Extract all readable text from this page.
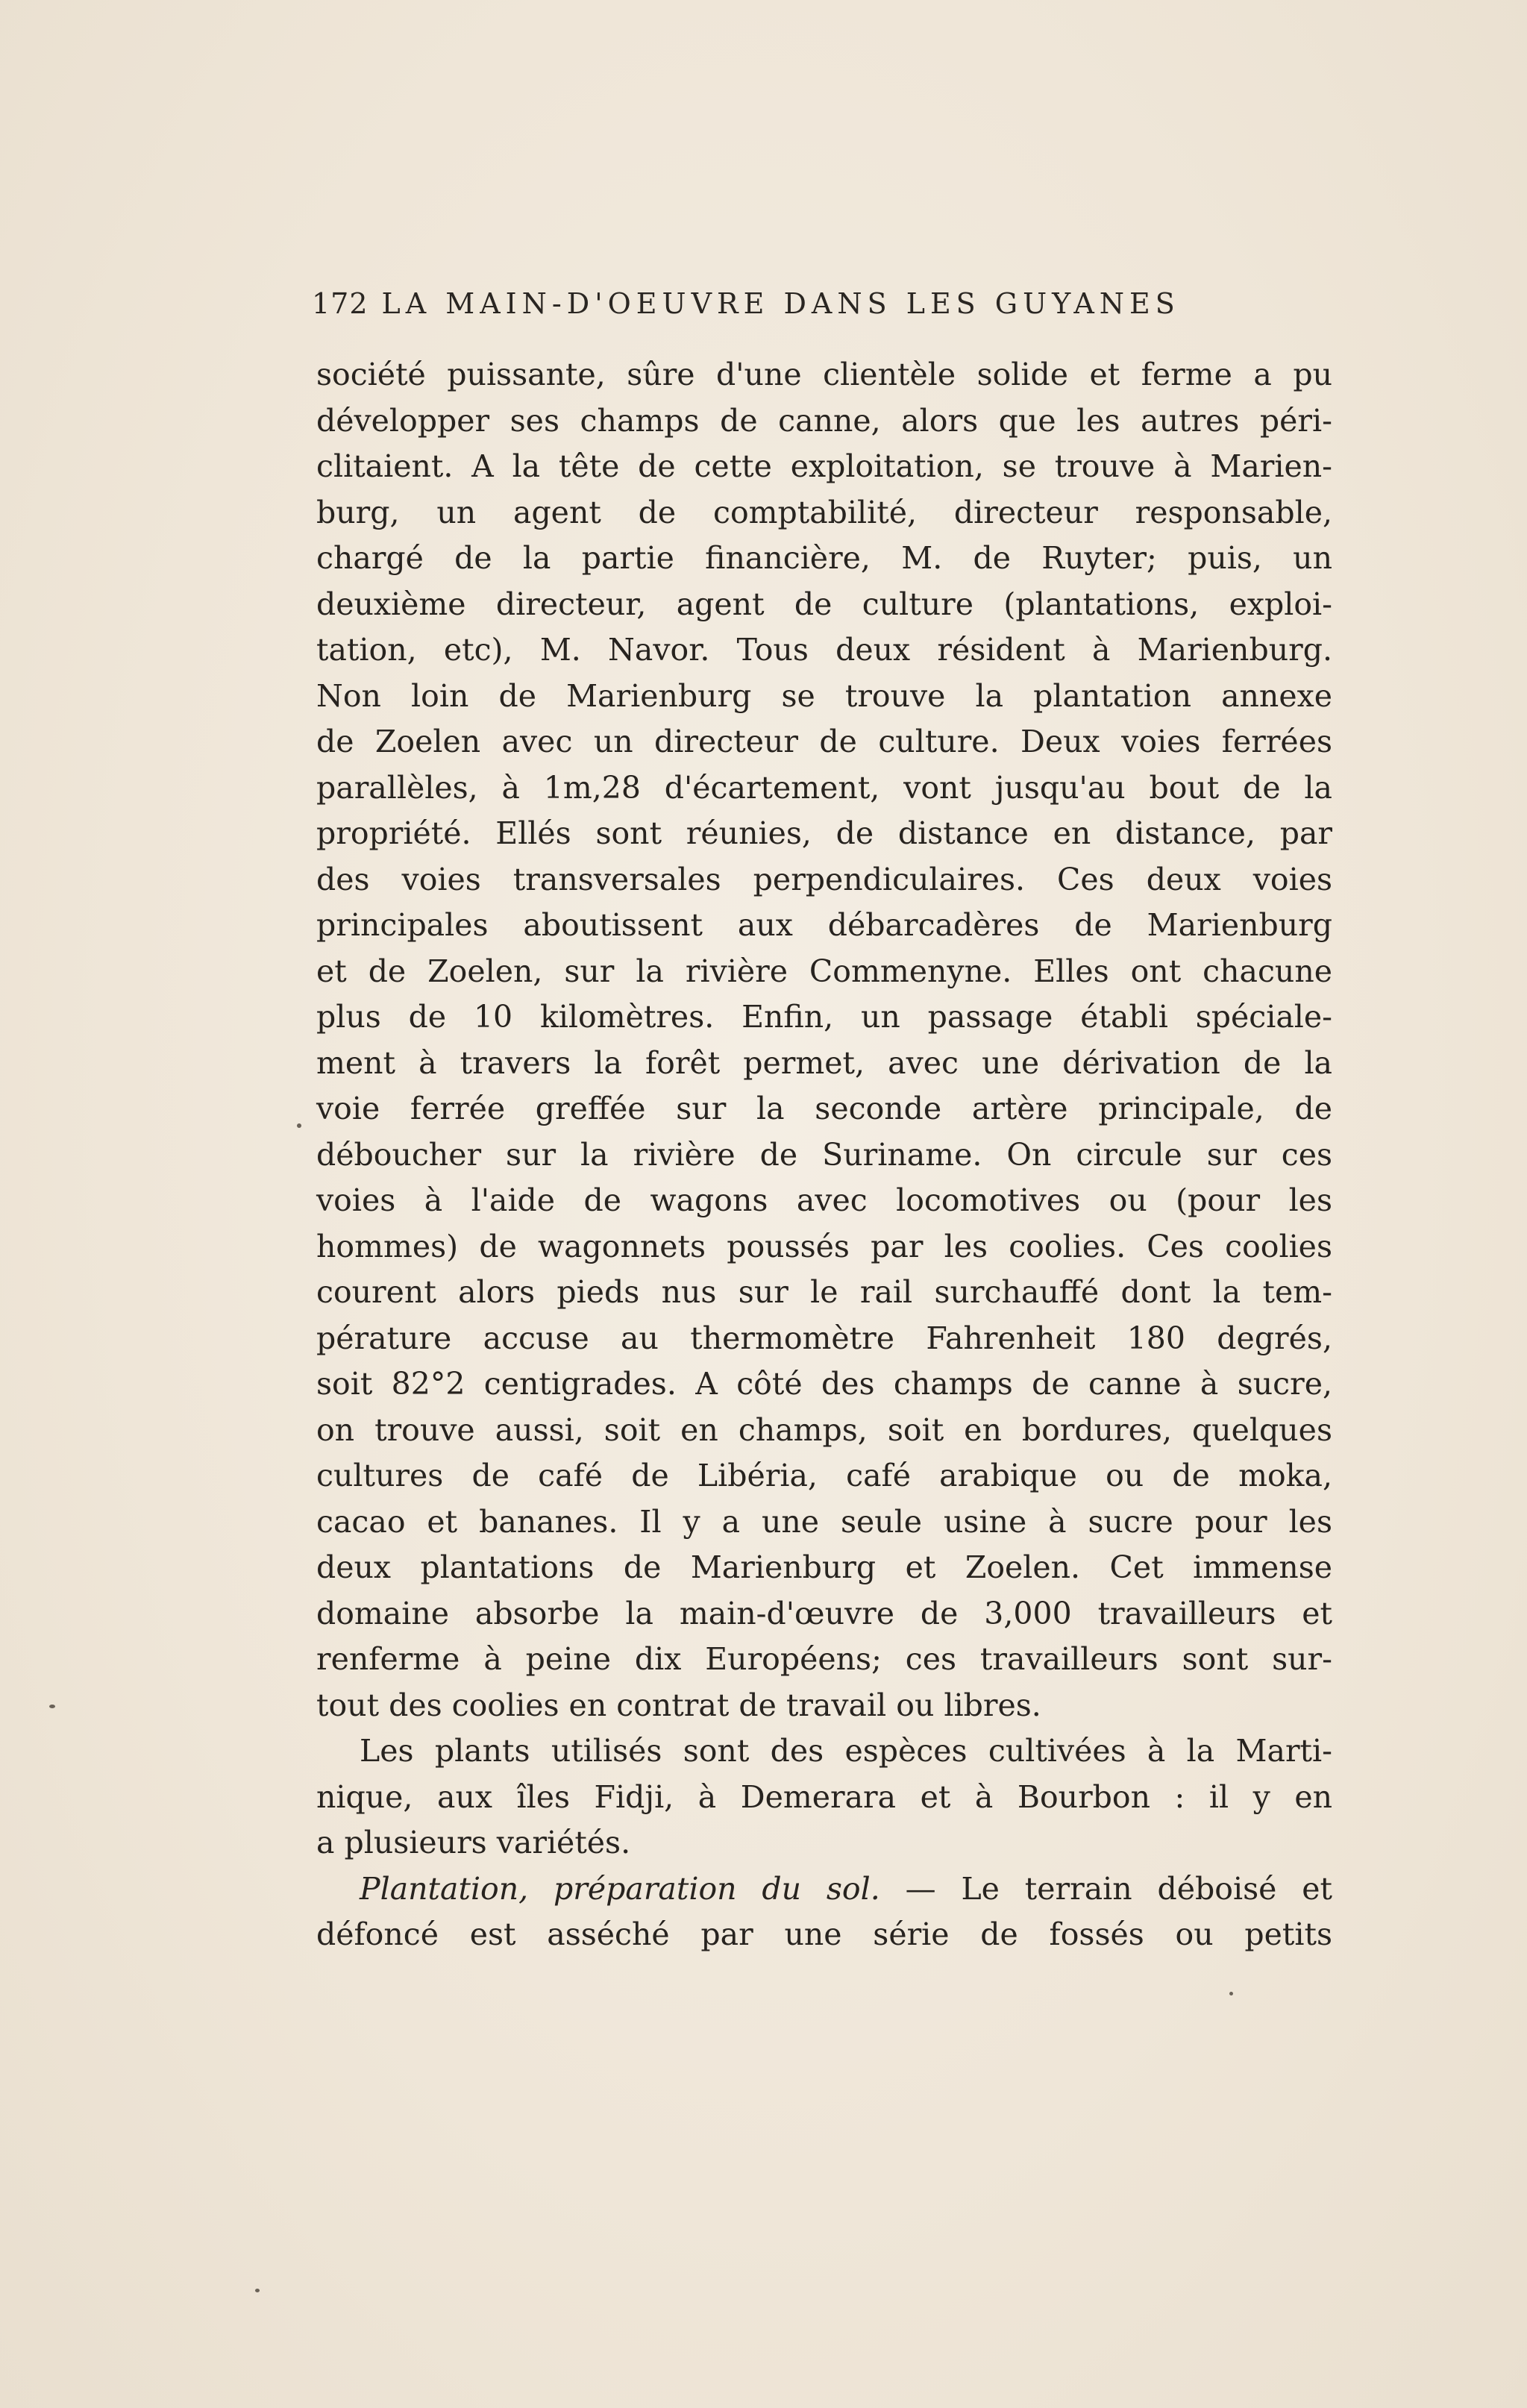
172 LA MAIN-D'OEUVRE DANS LES GUYANES
société puissante, sûre d'une clientèle solide et ferme a pu
développer ses champs de canne, alors que les autres péri-
clitaient. A la tête de cette exploitation, se trouve à Marien-
burg, un agent de comptabilité, directeur responsable,
chargé de la partie financière, M. de Ruyter; puis, un
deuxième directeur, agent de culture (plantations, exploi-
tation, etc), M. Navor. Tous deux résident à Marienburg.
Non loin de Marienburg se trouve la plantation annexe
de Zoelen avec un directeur de culture. Deux voies ferrées
parallèles, à 1m,28 d'écartement, vont jusqu'au bout de la
propriété. Ellés sont réunies, de distance en distance, par
des voies transversales perpendiculaires. Ces deux voies
principales aboutissent aux débarcadères de Marienburg
et de Zoelen, sur la rivière Commenyne. Elles ont chacune
plus de 10 kilomètres. Enfin, un passage établi spéciale-
ment à travers la forêt permet, avec une dérivation de la
voie ferrée greffée sur la seconde artère principale, de
déboucher sur la rivière de Suriname. On circule sur ces
voies à l'aide de wagons avec locomotives ou (pour les
hommes) de wagonnets poussés par les coolies. Ces coolies
courent alors pieds nus sur le rail surchauffé dont la tem-
pérature accuse au thermomètre Fahrenheit 180 degrés,
soit 82°2 centigrades. A côté des champs de canne à sucre,
on trouve aussi, soit en champs, soit en bordures, quelques
cultures de café de Libéria, café arabique ou de moka,
cacao et bananes. Il y a une seule usine à sucre pour les
deux plantations de Marienburg et Zoelen. Cet immense
domaine absorbe la main-d'œuvre de 3,000 travailleurs et
renferme à peine dix Européens; ces travailleurs sont sur-
tout des coolies en contrat de travail ou libres.
Les plants utilisés sont des espèces cultivées à la Marti-
nique, aux îles Fidji, à Demerara et à Bourbon : il y en
a plusieurs variétés.
Plantation, préparation du sol. — Le terrain déboisé et
défoncé est asséché par une série de fossés ou petits
